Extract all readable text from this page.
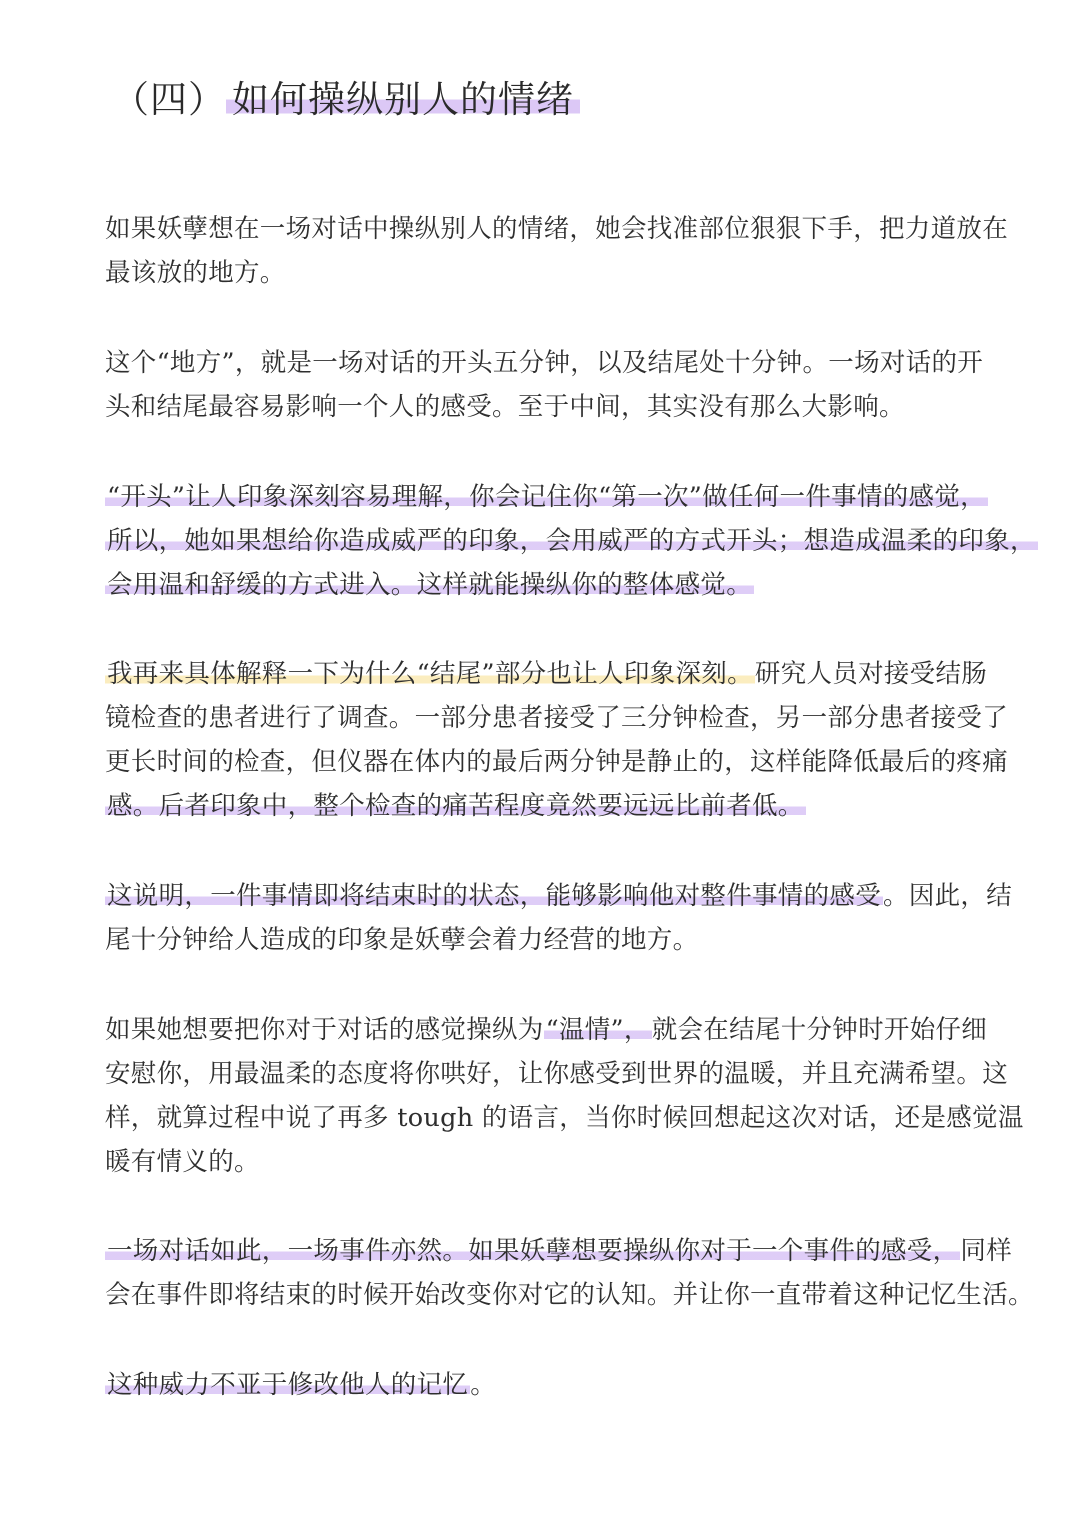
（四） 如何操纵别人的情绪
如果妖孽想在一场对话中操纵别人的情绪，她会找准部位狠狠下手，把力道放在
最该放的地方。
这个“地方”，就是一场对话的开头五分钟，以及结尾处十分钟。一场对话的开
头和结尾最容易影响一个人的感受。至于中间，其实没有那么大影响。
“开头”让人印象深刻容易理解，你会记住你“第一次”做任何一件事情的感觉，
所以，她如果想给你造成威严的印象，会用威严的方式开头；想造成温柔的印象，
会用温和舒缓的方式进入。这样就能操纵你的整体感觉。
我再来具体解释一下为什么“结尾”部分也让人印象深刻。研究人员对接受结肠
镜检查的患者进行了调查。一部分患者接受了三分钟检查，另一部分患者接受了
更长时间的检查，但仪器在体内的最后两分钟是静止的，这样能降低最后的疼痛
感。后者印象中，整个检查的痛苦程度竟然要远远比前者低。
这说明，一件事情即将结束时的状态，能够影响他对整件事情的感受。因此，结
尾十分钟给人造成的印象是妖孽会着力经营的地方。
如果她想要把你对于对话的感觉操纵为“温情”，就会在结尾十分钟时开始仔细
安慰你，用最温柔的态度将你哄好，让你感受到世界的温暖，并且充满希望。这
样，就算过程中说了再多 tough 的语言，当你时候回想起这次对话，还是感觉温
暖有情义的。
一场对话如此，一场事件亦然。如果妖孽想要操纵你对于一个事件的感受，同样
会在事件即将结束的时候开始改变你对它的认知。并让你一直带着这种记忆生活。
这种威力不亚于修改他人的记忆。
